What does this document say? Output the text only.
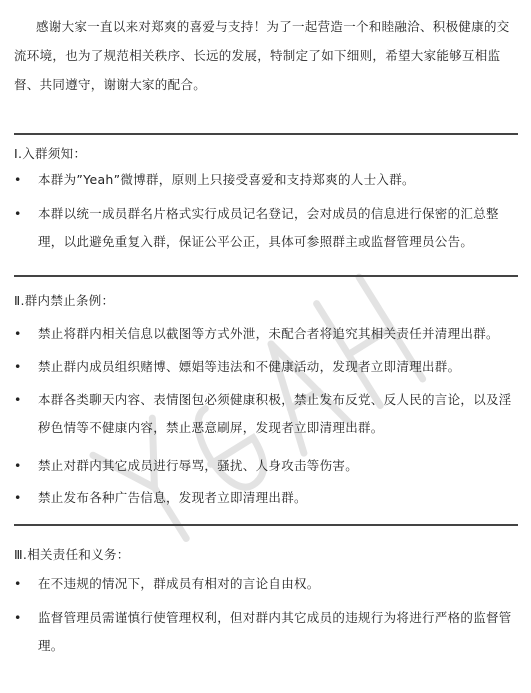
感谢大家一直以来对郑爽的喜爱与支持！为了一起营造一个和睦融洽、积极健康的交流环境，也为了规范相关秩序、长远的发展，特制定了如下细则，希望大家能够互相监督、共同遵守，谢谢大家的配合。
Ⅰ.入群须知：
•	本群为”Yeah”微博群，原则上只接受喜爱和支持郑爽的人士入群。
•	本群以统一成员群名片格式实行成员记名登记，会对成员的信息进行保密的汇总整理，以此避免重复入群，保证公平公正，具体可参照群主或监督管理员公告。
Ⅱ.群内禁止条例：
•	禁止将群内相关信息以截图等方式外泄，未配合者将追究其相关责任并清理出群。
•	禁止群内成员组织赌博、嫖娼等违法和不健康活动，发现者立即清理出群。
•	本群各类聊天内容、表情图包必须健康积极，禁止发布反党、反人民的言论，以及淫秽色情等不健康内容，禁止恶意刷屏，发现者立即清理出群。
•	禁止对群内其它成员进行辱骂，骚扰、人身攻击等伤害。
•	禁止发布各种广告信息，发现者立即清理出群。
Ⅲ.相关责任和义务：
•	在不违规的情况下，群成员有相对的言论自由权。
•	监督管理员需谨慎行使管理权利，但对群内其它成员的违规行为将进行严格的监督管理。
